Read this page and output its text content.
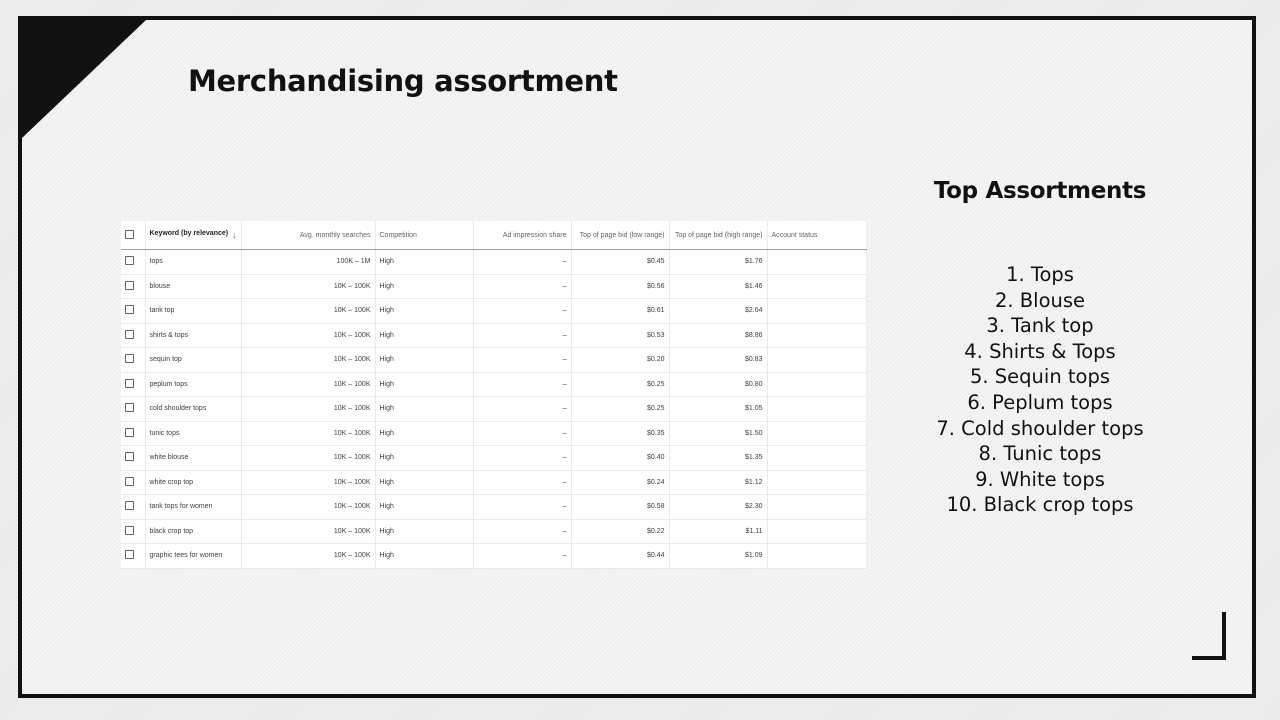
Merchandising assortment

	↓
Keyword (by relevance)	Avg. monthly searches	Competition	Ad impression share	Top of page bid (low range)	Top of page bid (high range)	Account status
	tops	100K – 1M	High	–	$0.45	$1.76	
	blouse	10K – 100K	High	–	$0.56	$1.46	
	tank top	10K – 100K	High	–	$0.61	$2.64	
	shirts & tops	10K – 100K	High	–	$0.53	$8.86	
	sequin top	10K – 100K	High	–	$0.20	$0.83	
	peplum tops	10K – 100K	High	–	$0.25	$0.80	
	cold shoulder tops	10K – 100K	High	–	$0.25	$1.05	
	tunic tops	10K – 100K	High	–	$0.35	$1.50	
	white blouse	10K – 100K	High	–	$0.40	$1.35	
	white crop top	10K – 100K	High	–	$0.24	$1.12	
	tank tops for women	10K – 100K	High	–	$0.58	$2.30	
	black crop top	10K – 100K	High	–	$0.22	$1.11	
	graphic tees for women	10K – 100K	High	–	$0.44	$1.09	
Top Assortments
1. Tops
2. Blouse
3. Tank top
4. Shirts & Tops
5. Sequin tops
6. Peplum tops
7. Cold shoulder tops
8. Tunic tops
9. White tops
10. Black crop tops
